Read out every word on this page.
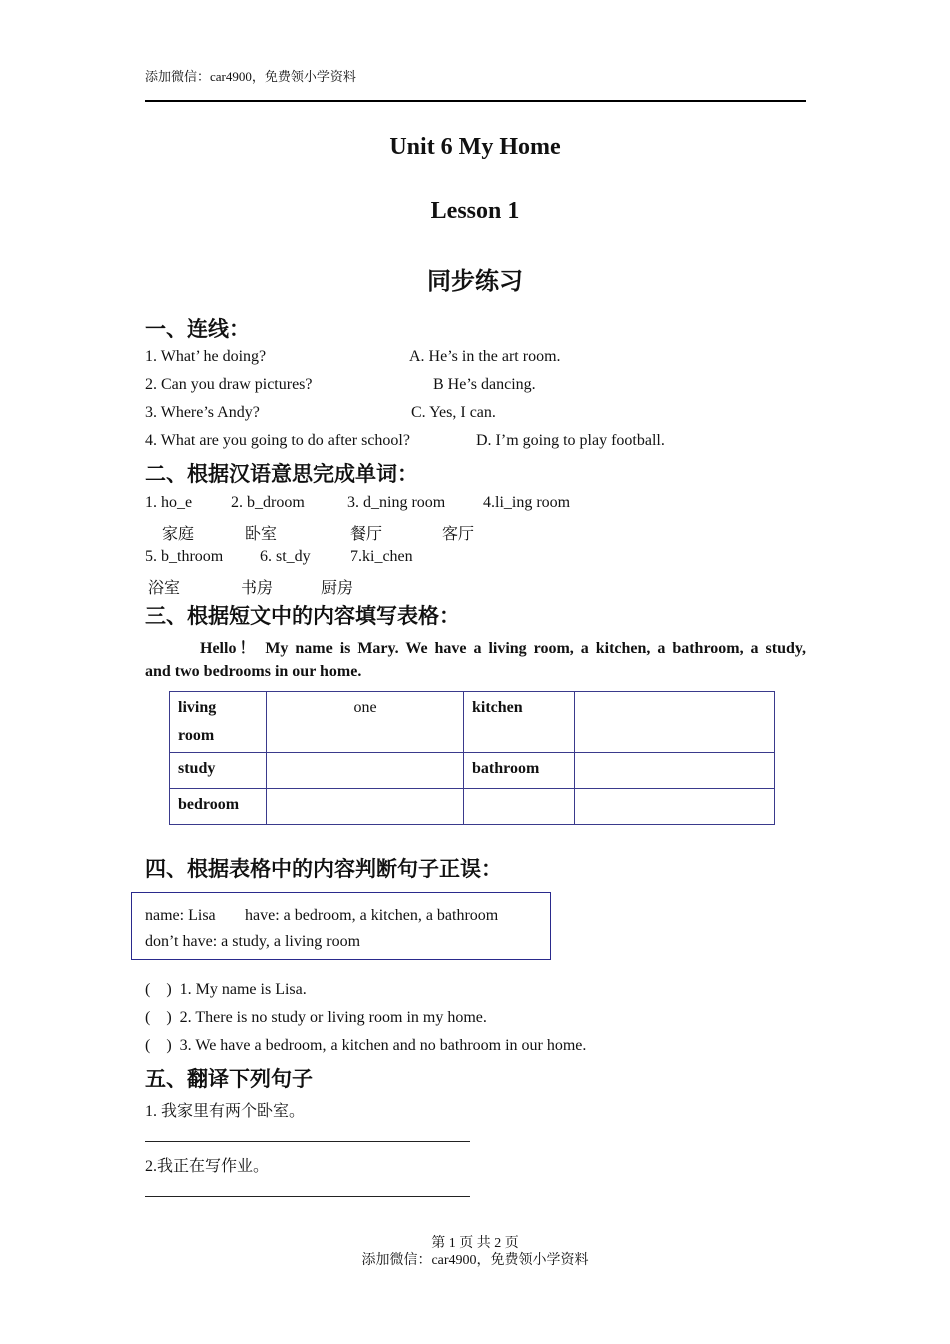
添加微信：car4900，免费领小学资料
Unit 6 My Home
Lesson 1
同步练习
一、连线：
1. What’ he doing?	A. He’s in the art room.
2. Can you draw pictures?	B He’s dancing.
3. Where’s Andy?	C. Yes, I can.
4. What are you going to do after school?	D. I’m going to play football.
二、根据汉语意思完成单词：
1. ho_e 2. b_droom	3. d_ning room 4.li_ing room
家庭	卧室	餐厅	客厅
5. b_throom 6. st_dy 7.ki_chen
浴室	书房	厨房
三、根据短文中的内容填写表格：
Hello！ My name is Mary. We have a living room, a kitchen, a bathroom, a study,
and two bedrooms in our home.
living
room	one	kitchen	
study		bathroom	
bedroom			
四、根据表格中的内容判断句子正误：
name: Lisa have: a bedroom, a kitchen, a bathroom
don’t have: a study, a living room
(    )  1. My name is Lisa.
(    )  2. There is no study or living room in my home.
(    )  3. We have a bedroom, a kitchen and no bathroom in our home.
五、翻译下列句子
1. 我家里有两个卧室。
2.我正在写作业。
第 1 页 共 2 页
添加微信：car4900，免费领小学资料
